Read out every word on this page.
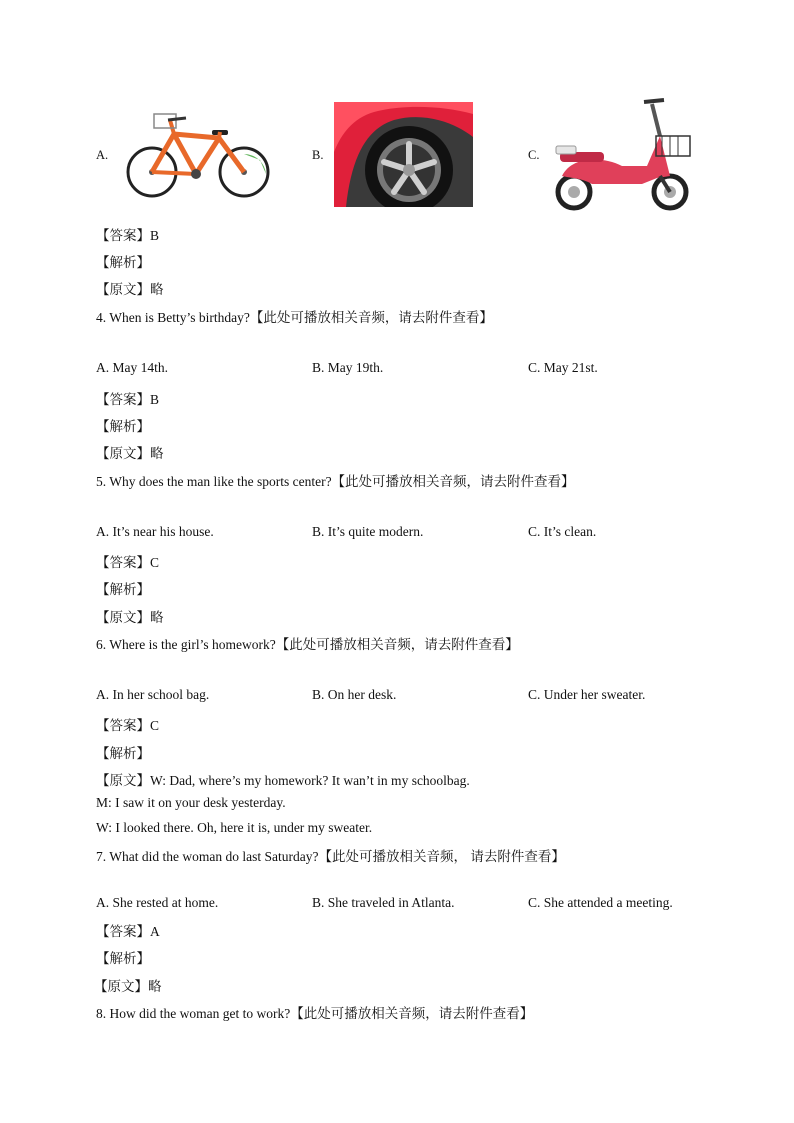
A.	B.	C.
【答案】B
【解析】
【原文】略
4. When is Betty’s birthday?【此处可播放相关音频，请去附件查看】
A. May 14th.	B. May 19th.	C. May 21st.
【答案】B
【解析】
【原文】略
5. Why does the man like the sports center?【此处可播放相关音频，请去附件查看】
A. It’s near his house.	B. It’s quite modern.	C. It’s clean.
【答案】C
【解析】
【原文】略
6. Where is the girl’s homework?【此处可播放相关音频，请去附件查看】
A. In her school bag.	B. On her desk.	C. Under her sweater.
【答案】C
【解析】
【原文】W: Dad, where’s my homework? It wan’t in my schoolbag.
M: I saw it on your desk yesterday.
W: I looked there. Oh, here it is, under my sweater.
7. What did the woman do last Saturday?【此处可播放相关音频， 请去附件查看】
A. She rested at home.	B. She traveled in Atlanta.	C. She attended a meeting.
【答案】A
【解析】
【原文】略
8. How did the woman get to work?【此处可播放相关音频，请去附件查看】
